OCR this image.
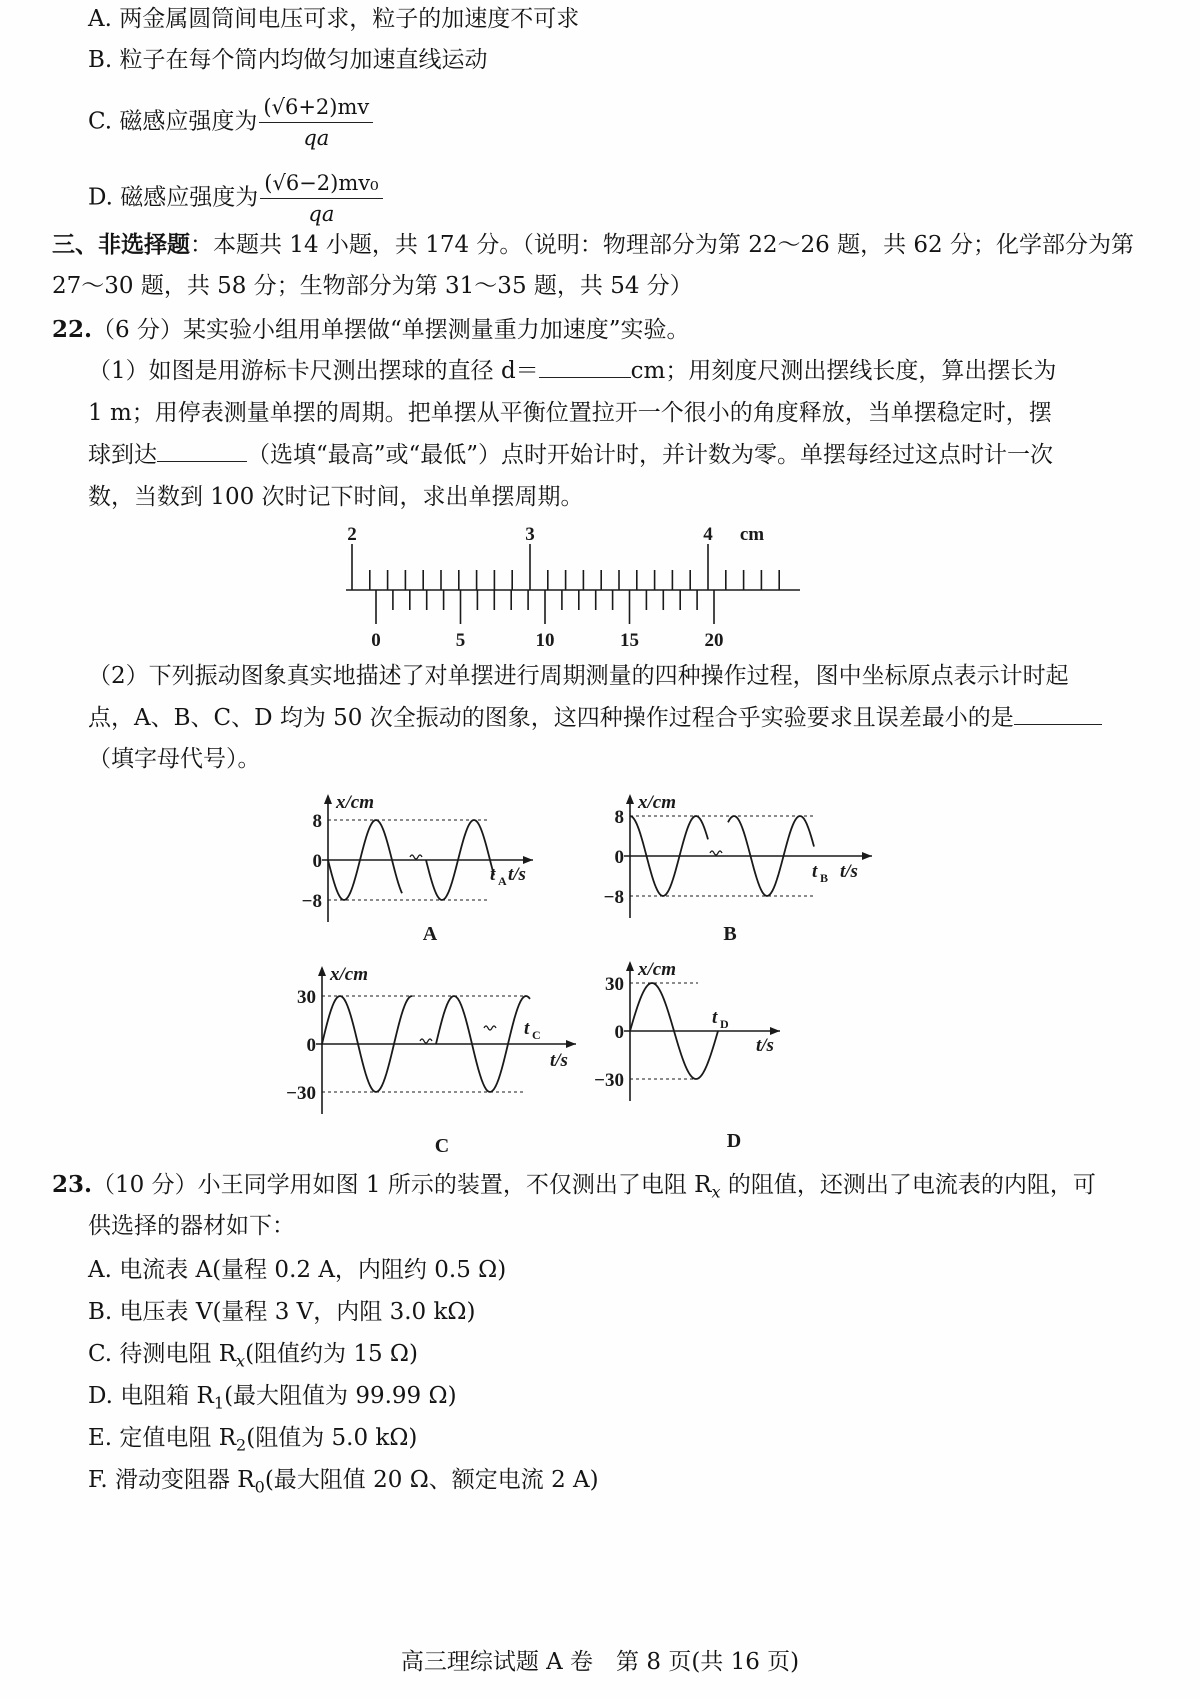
A. 两金属圆筒间电压可求，粒子的加速度不可求
B. 粒子在每个筒内均做匀加速直线运动
C. 磁感应强度为 $\frac{(√6+2)mv}{qa}$
D. 磁感应强度为 $\frac{\text{(√6−2)mv₀}}{qa}$
三、非选择题：本题共 14 小题，共 174 分。（说明：物理部分为第 22～26 题，共 62 分；化学部分为第
27～30 题，共 58 分；生物部分为第 31～35 题，共 54 分）
22.（6 分）某实验小组用单摆做“单摆测量重力加速度”实验。
（1）如图是用游标卡尺测出摆球的直径 d＝	cm；用刻度尺测出摆线长度，算出摆长为
1 m；用停表测量单摆的周期。把单摆从平衡位置拉开一个很小的角度释放，当单摆稳定时，摆
球到达	（选填“最高”或“最低”）点时开始计时，并计数为零。单摆每经过这点时计一次
数，当数到 100 次时记下时间，求出单摆周期。
2	3	4 cm
0	5	10	15	20
（2）下列振动图象真实地描述了对单摆进行周期测量的四种操作过程，图中坐标原点表示计时起
点，A、B、C、D 均为 50 次全振动的图象，这四种操作过程合乎实验要求且误差最小的是
（填字母代号）。
8
0
−8
x/cm
t/s
t A
A
8
0
−8
x/cm
t/s
t B
B
30
0
−30
x/cm
t/s
t C
C
30
0
−30
x/cm
t/s
t D
D
23.（10 分）小王同学用如图 1 所示的装置，不仅测出了电阻 $R_x$ 的阻值，还测出了电流表的内阻，可
供选择的器材如下：
A. 电流表 A(量程 0.2 A，内阻约 0.5 Ω)
B. 电压表 V(量程 3 V，内阻 3.0 kΩ)
C. 待测电阻 $R_x$(阻值约为 15 Ω)
D. 电阻箱 $R_1$(最大阻值为 99.99 Ω)
E. 定值电阻 $R_2$(阻值为 5.0 kΩ)
F. 滑动变阻器 $R_0$(最大阻值 20 Ω、额定电流 2 A)
高三理综试题 A 卷　第 8 页(共 16 页)
